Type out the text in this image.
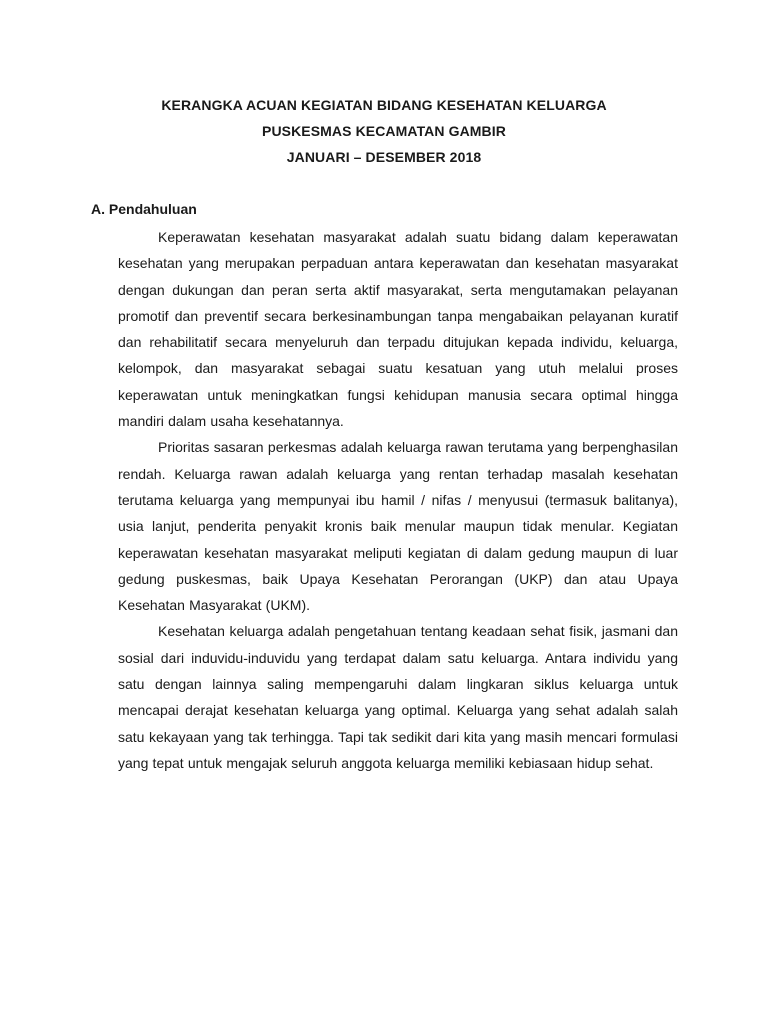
KERANGKA ACUAN KEGIATAN BIDANG KESEHATAN KELUARGA
PUSKESMAS KECAMATAN GAMBIR
JANUARI – DESEMBER 2018
A. Pendahuluan

Keperawatan kesehatan masyarakat adalah suatu bidang dalam keperawatan kesehatan yang merupakan perpaduan antara keperawatan dan kesehatan masyarakat dengan dukungan dan peran serta aktif masyarakat, serta mengutamakan pelayanan promotif dan preventif secara berkesinambungan tanpa mengabaikan pelayanan kuratif dan rehabilitatif secara menyeluruh dan terpadu ditujukan kepada individu, keluarga, kelompok, dan masyarakat sebagai suatu kesatuan yang utuh melalui proses keperawatan untuk meningkatkan fungsi kehidupan manusia secara optimal hingga mandiri dalam usaha kesehatannya.

Prioritas sasaran perkesmas adalah keluarga rawan terutama yang berpenghasilan rendah. Keluarga rawan adalah keluarga yang rentan terhadap masalah kesehatan terutama keluarga yang mempunyai ibu hamil / nifas / menyusui (termasuk balitanya), usia lanjut, penderita penyakit kronis baik menular maupun tidak menular. Kegiatan keperawatan kesehatan masyarakat meliputi kegiatan di dalam gedung maupun di luar gedung puskesmas, baik Upaya Kesehatan Perorangan (UKP) dan atau Upaya Kesehatan Masyarakat (UKM).

Kesehatan keluarga adalah pengetahuan tentang keadaan sehat fisik, jasmani dan sosial dari induvidu-induvidu yang terdapat dalam satu keluarga. Antara individu yang satu dengan lainnya saling mempengaruhi dalam lingkaran siklus keluarga untuk mencapai derajat kesehatan keluarga yang optimal. Keluarga yang sehat adalah salah satu kekayaan yang tak terhingga. Tapi tak sedikit dari kita yang masih mencari formulasi yang tepat untuk mengajak seluruh anggota keluarga memiliki kebiasaan hidup sehat.
